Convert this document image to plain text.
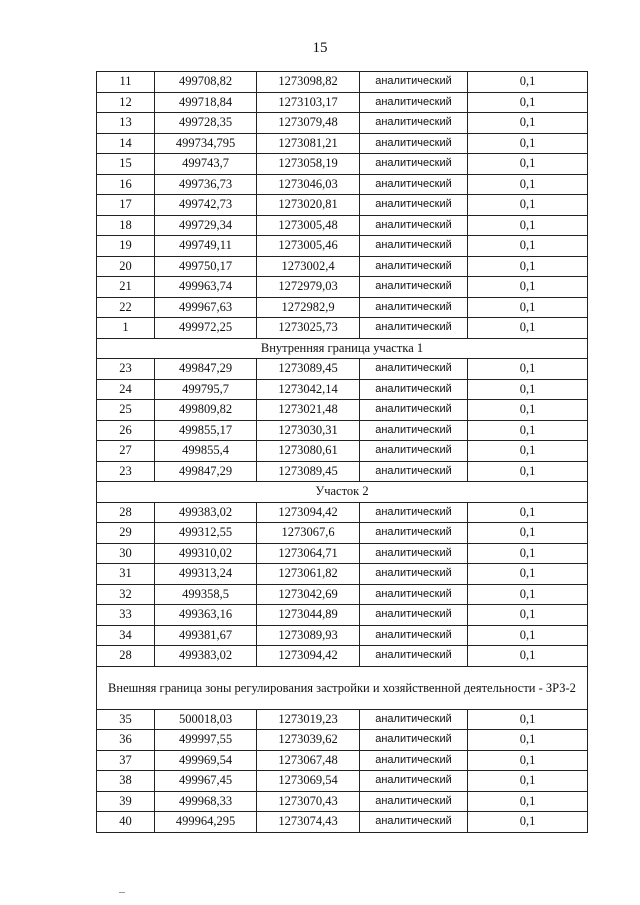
15
11	499708,82	1273098,82	аналитический	0,1
12	499718,84	1273103,17	аналитический	0,1
13	499728,35	1273079,48	аналитический	0,1
14	499734,795	1273081,21	аналитический	0,1
15	499743,7	1273058,19	аналитический	0,1
16	499736,73	1273046,03	аналитический	0,1
17	499742,73	1273020,81	аналитический	0,1
18	499729,34	1273005,48	аналитический	0,1
19	499749,11	1273005,46	аналитический	0,1
20	499750,17	1273002,4	аналитический	0,1
21	499963,74	1272979,03	аналитический	0,1
22	499967,63	1272982,9	аналитический	0,1
1	499972,25	1273025,73	аналитический	0,1
Внутренняя граница участка 1				
23	499847,29	1273089,45	аналитический	0,1
24	499795,7	1273042,14	аналитический	0,1
25	499809,82	1273021,48	аналитический	0,1
26	499855,17	1273030,31	аналитический	0,1
27	499855,4	1273080,61	аналитический	0,1
23	499847,29	1273089,45	аналитический	0,1
Участок 2				
28	499383,02	1273094,42	аналитический	0,1
29	499312,55	1273067,6	аналитический	0,1
30	499310,02	1273064,71	аналитический	0,1
31	499313,24	1273061,82	аналитический	0,1
32	499358,5	1273042,69	аналитический	0,1
33	499363,16	1273044,89	аналитический	0,1
34	499381,67	1273089,93	аналитический	0,1
28	499383,02	1273094,42	аналитический	0,1
Внешняя граница зоны регулирования застройки и хозяйственной деятельности - ЗРЗ-2				
35	500018,03	1273019,23	аналитический	0,1
36	499997,55	1273039,62	аналитический	0,1
37	499969,54	1273067,48	аналитический	0,1
38	499967,45	1273069,54	аналитический	0,1
39	499968,33	1273070,43	аналитический	0,1
40	499964,295	1273074,43	аналитический	0,1
